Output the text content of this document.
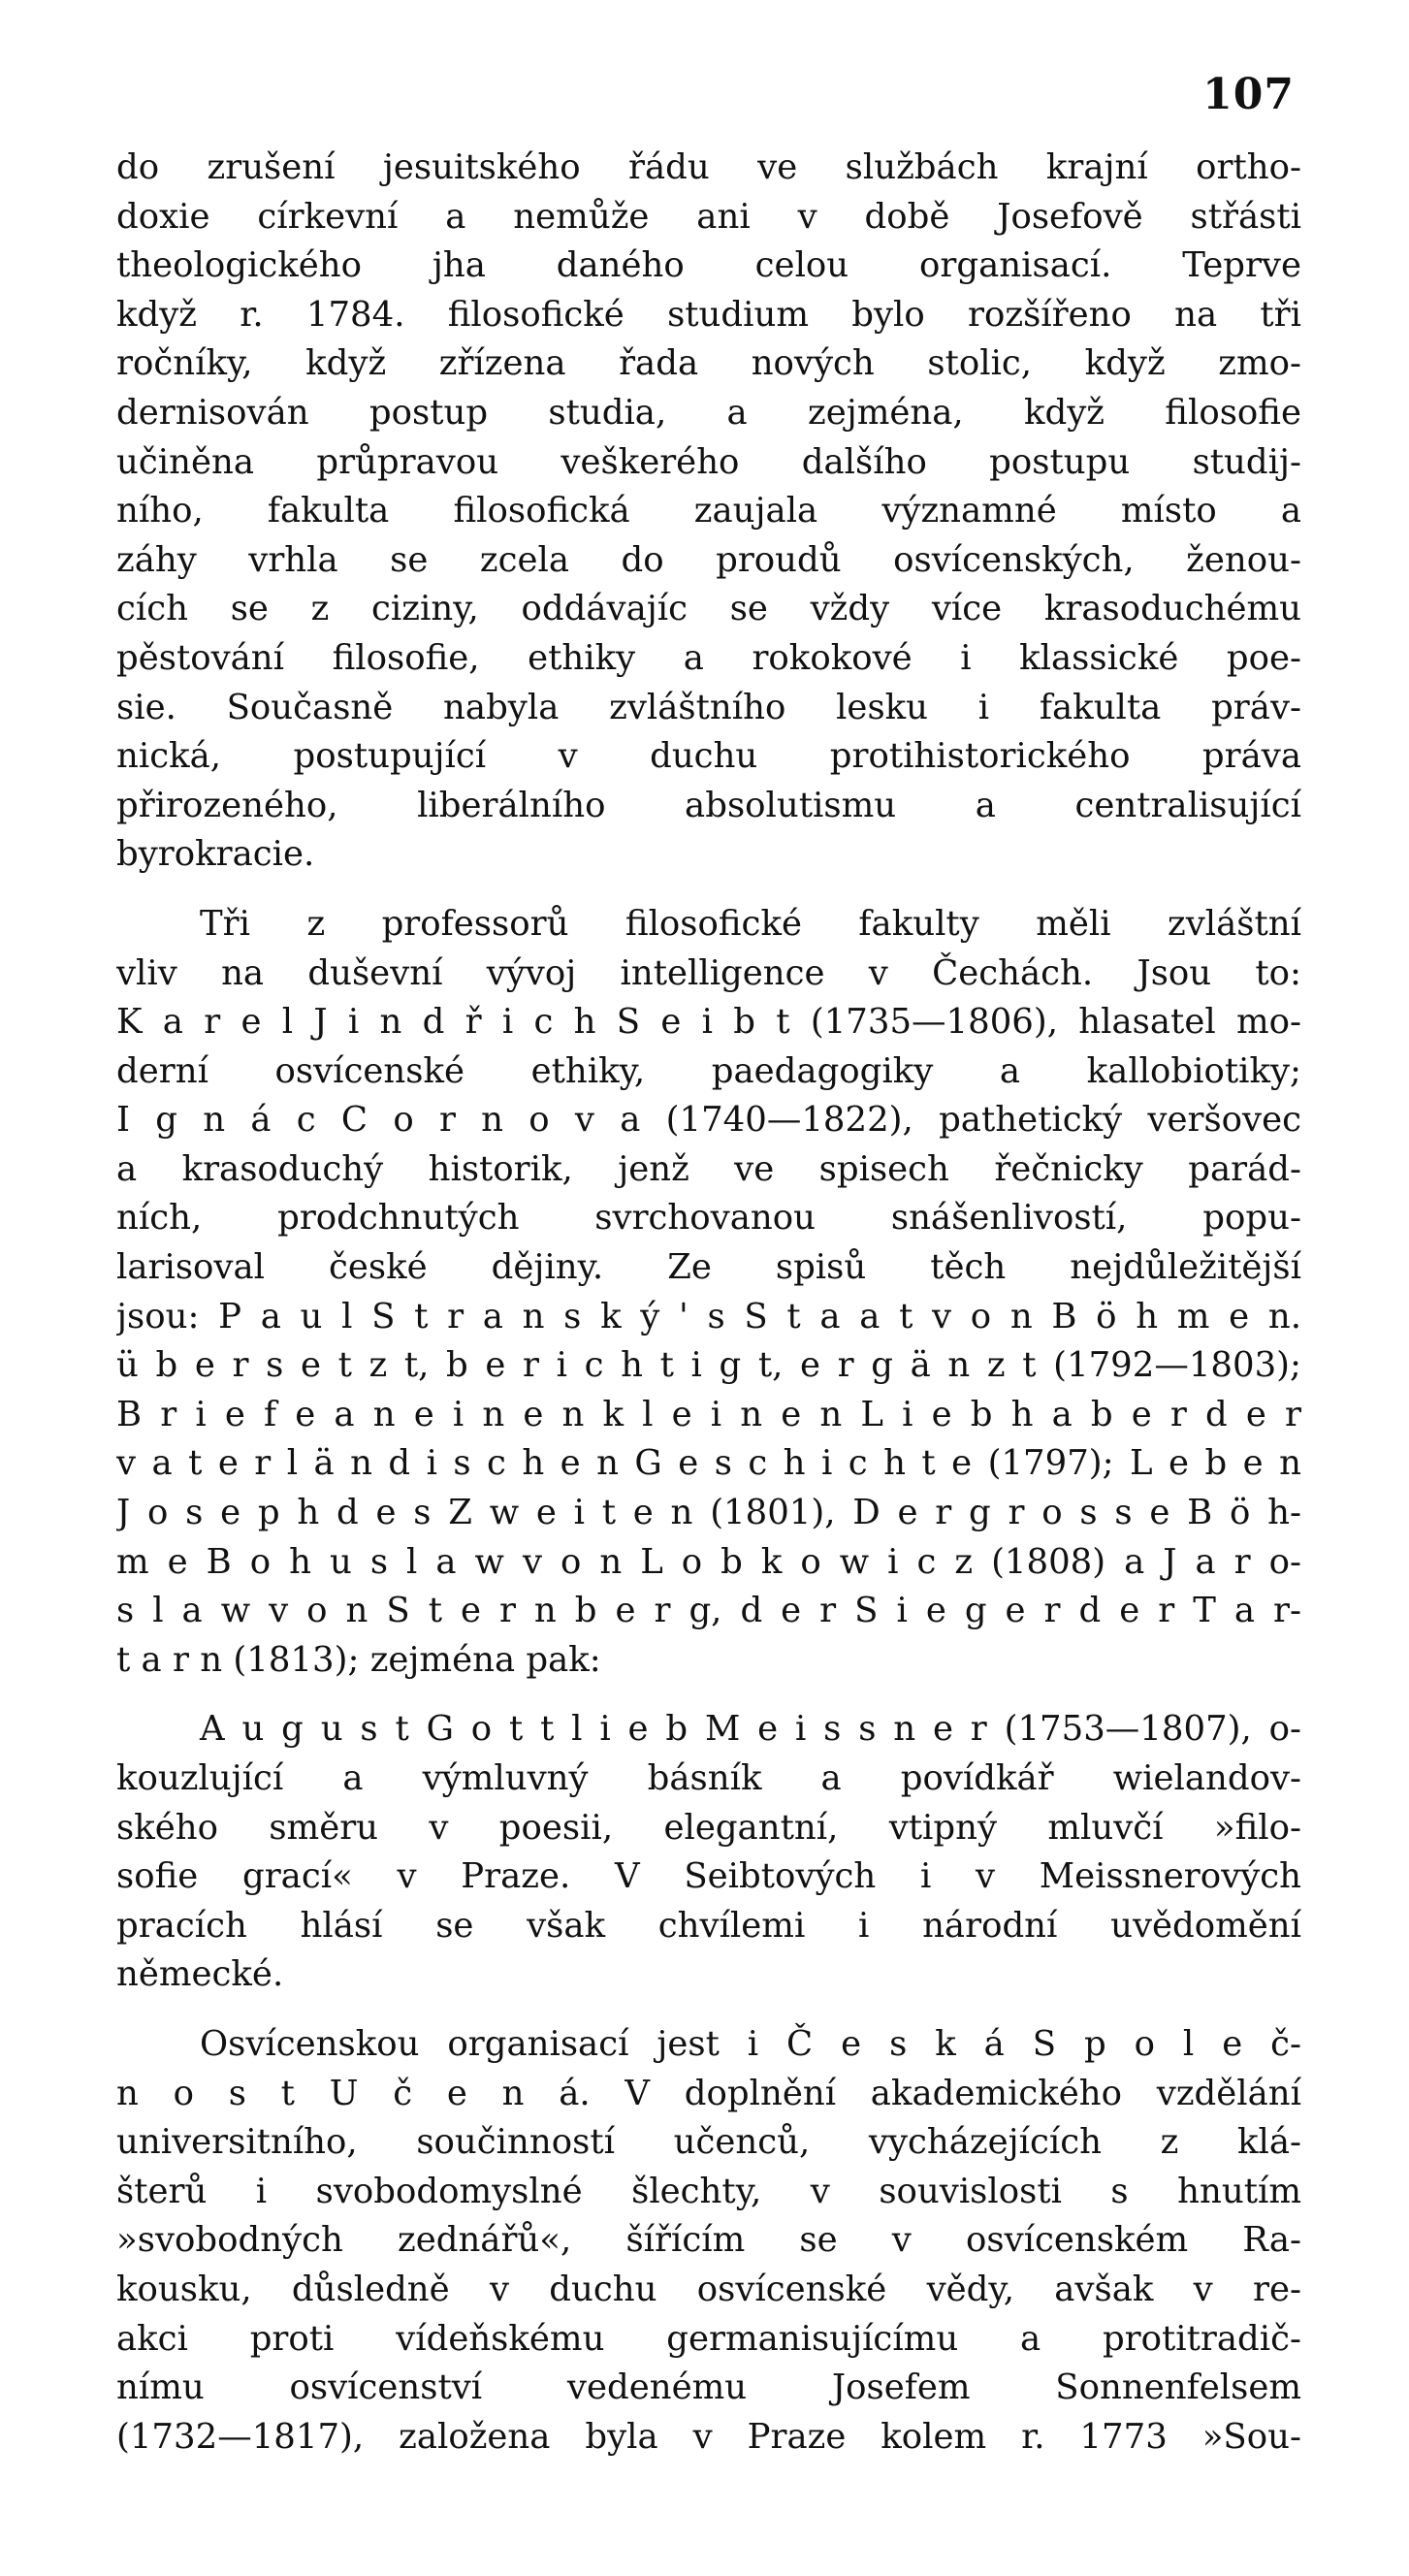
107
do zrušení jesuitského řádu ve službách krajní ortho-
doxie církevní a nemůže ani v době Josefově střásti
theologického jha daného celou organisací. Teprve
když r. 1784. filosofické studium bylo rozšířeno na tři
ročníky, když zřízena řada nových stolic, když zmo-
dernisován postup studia, a zejména, když filosofie
učiněna průpravou veškerého dalšího postupu studij-
ního, fakulta filosofická zaujala významné místo a
záhy vrhla se zcela do proudů osvícenských, ženou-
cích se z ciziny, oddávajíc se vždy více krasoduchému
pěstování filosofie, ethiky a rokokové i klassické poe-
sie. Současně nabyla zvláštního lesku i fakulta práv-
nická, postupující v duchu protihistorického práva
přirozeného, liberálního absolutismu a centralisující
byrokracie.
Tři z professorů filosofické fakulty měli zvláštní
vliv na duševní vývoj intelligence v Čechách. Jsou to:
K a r e l J i n d ř i c h S e i b t (1735—1806), hlasatel mo-
derní osvícenské ethiky, paedagogiky a kallobiotiky;
I g n á c C o r n o v a (1740—1822), pathetický veršovec
a krasoduchý historik, jenž ve spisech řečnicky parád-
ních, prodchnutých svrchovanou snášenlivostí, popu-
larisoval české dějiny. Ze spisů těch nejdůležitější
jsou: P a u l S t r a n s k ý ' s S t a a t v o n B ö h m e n.
ü b e r s e t z t, b e r i c h t i g t, e r g ä n z t (1792—1803);
B r i e f e a n e i n e n k l e i n e n L i e b h a b e r d e r
v a t e r l ä n d i s c h e n G e s c h i c h t e (1797); L e b e n
J o s e p h d e s Z w e i t e n (1801), D e r g r o s s e B ö h-
m e B o h u s l a w v o n L o b k o w i c z (1808) a J a r o-
s l a w v o n S t e r n b e r g, d e r S i e g e r d e r T a r-
t a r n (1813); zejména pak:
A u g u s t G o t t l i e b M e i s s n e r (1753—1807), o-
kouzlující a výmluvný básník a povídkář wielandov-
ského směru v poesii, elegantní, vtipný mluvčí »filo-
sofie grací« v Praze. V Seibtových i v Meissnerových
pracích hlásí se však chvílemi i národní uvědomění
německé.
Osvícenskou organisací jest i Č e s k á S p o l e č-
n o s t U č e n á. V doplnění akademického vzdělání
universitního, součinností učenců, vycházejících z klá-
šterů i svobodomyslné šlechty, v souvislosti s hnutím
»svobodných zednářů«, šířícím se v osvícenském Ra-
kousku, důsledně v duchu osvícenské vědy, avšak v re-
akci proti vídeňskému germanisujícímu a protitradič-
nímu osvícenství vedenému Josefem Sonnenfelsem
(1732—1817), založena byla v Praze kolem r. 1773 »Sou-
